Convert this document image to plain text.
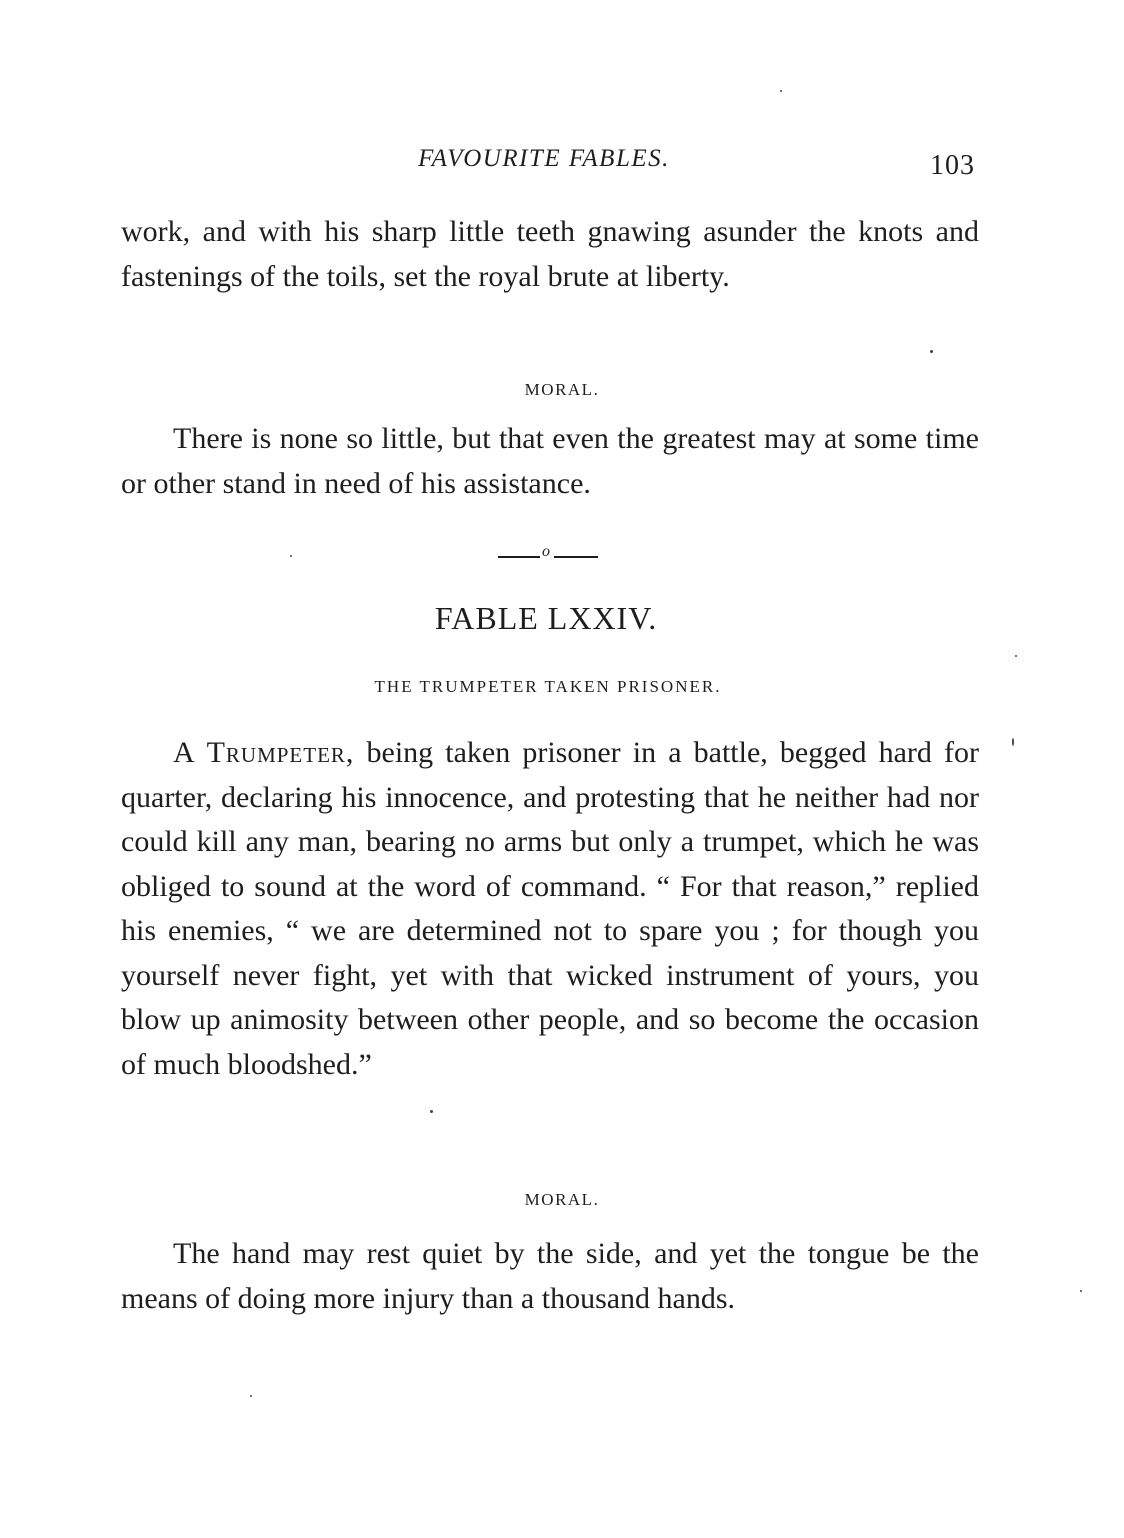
FAVOURITE FABLES.	103

work, and with his sharp little teeth gnawing asunder the knots and fastenings of the toils, set the royal brute at liberty.

MORAL.

There is none so little, but that even the greatest may at some time or other stand in need of his assistance.

o
FABLE LXXIV.
THE TRUMPETER TAKEN PRISONER.

A Trumpeter, being taken prisoner in a battle, begged hard for quarter, declaring his innocence, and protesting that he neither had nor could kill any man, bearing no arms but only a trumpet, which he was obliged to sound at the word of command. “ For that reason,” replied his enemies, “ we are determined not to spare you ; for though you yourself never fight, yet with that wicked instrument of yours, you blow up animosity between other people, and so become the occasion of much bloodshed.”

MORAL.

The hand may rest quiet by the side, and yet the tongue be the means of doing more injury than a thousand hands.
